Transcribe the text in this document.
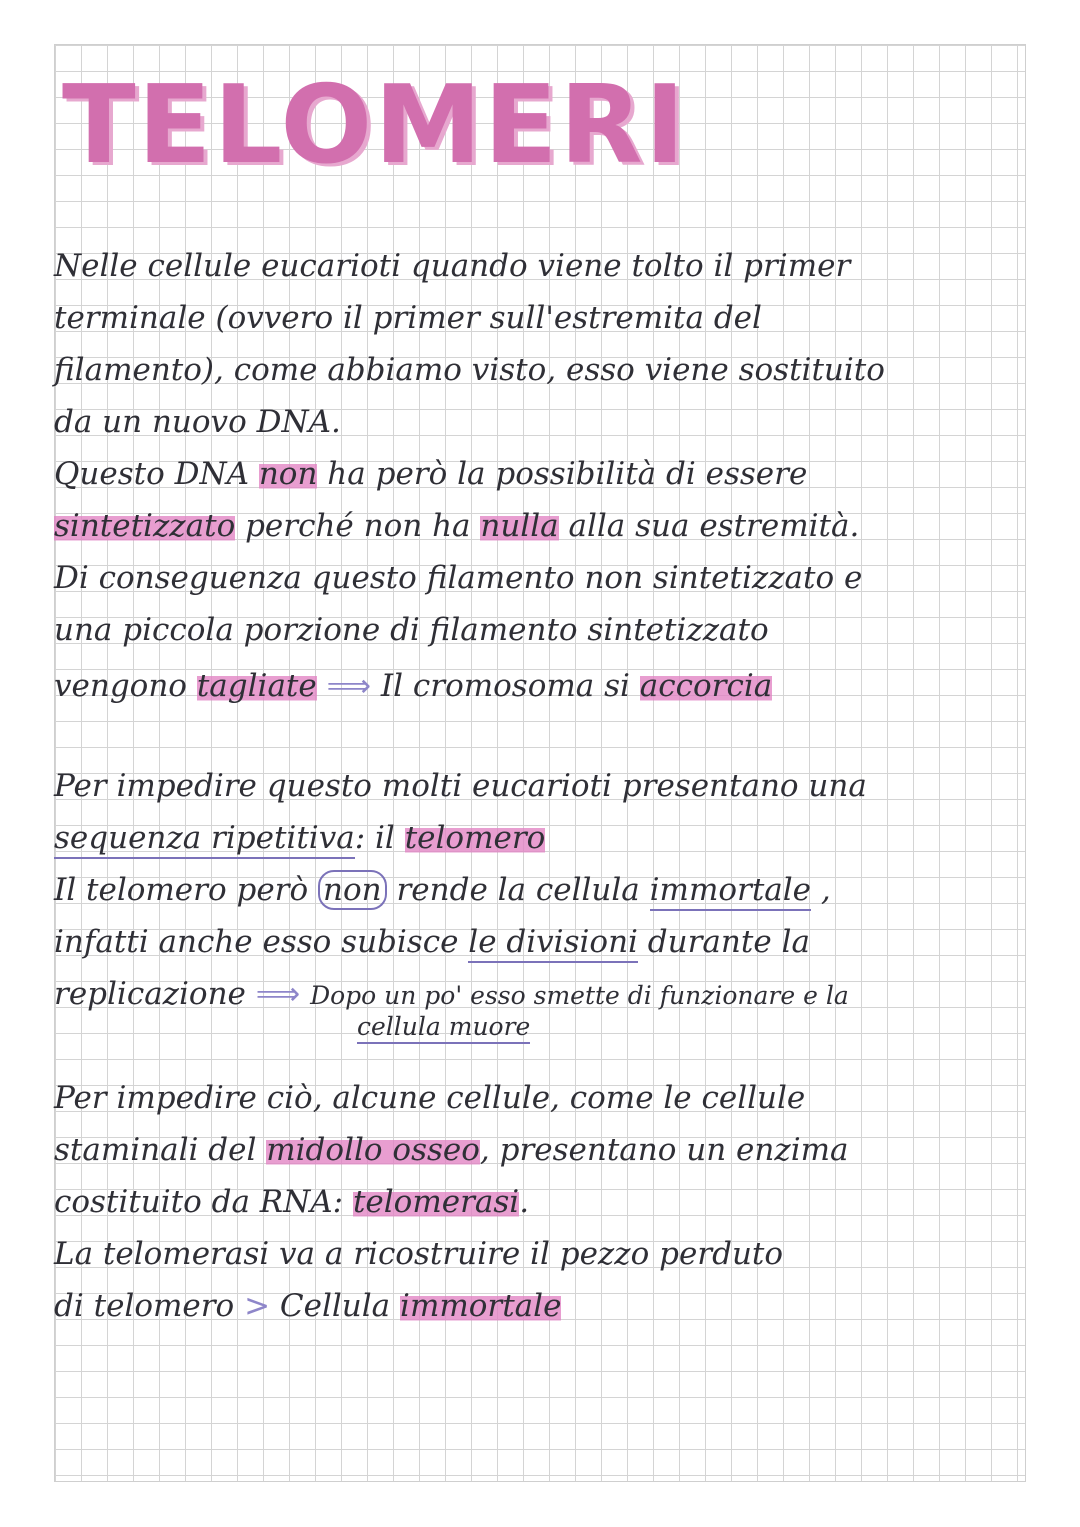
TELOMERI

Nelle cellule eucarioti quando viene tolto il primer

terminale (ovvero il primer sull'estremita del

filamento), come abbiamo visto, esso viene sostituito

da un nuovo DNA.

Questo DNA non ha però la possibilità di essere

sintetizzato perché non ha nulla alla sua estremità.

Di conseguenza questo filamento non sintetizzato e

una piccola porzione di filamento sintetizzato

vengono tagliate ⟹ Il cromosoma si accorcia

Per impedire questo molti eucarioti presentano una

sequenza ripetitiva: il telomero

Il telomero però non rende la cellula immortale ,

infatti anche esso subisce le divisioni durante la

replicazione ⟹ Dopo un po' esso smette di funzionare e la

cellula muore

Per impedire ciò, alcune cellule, come le cellule

staminali del midollo osseo, presentano un enzima

costituito da RNA: telomerasi.

La telomerasi va a ricostruire il pezzo perduto

di telomero > Cellula immortale
